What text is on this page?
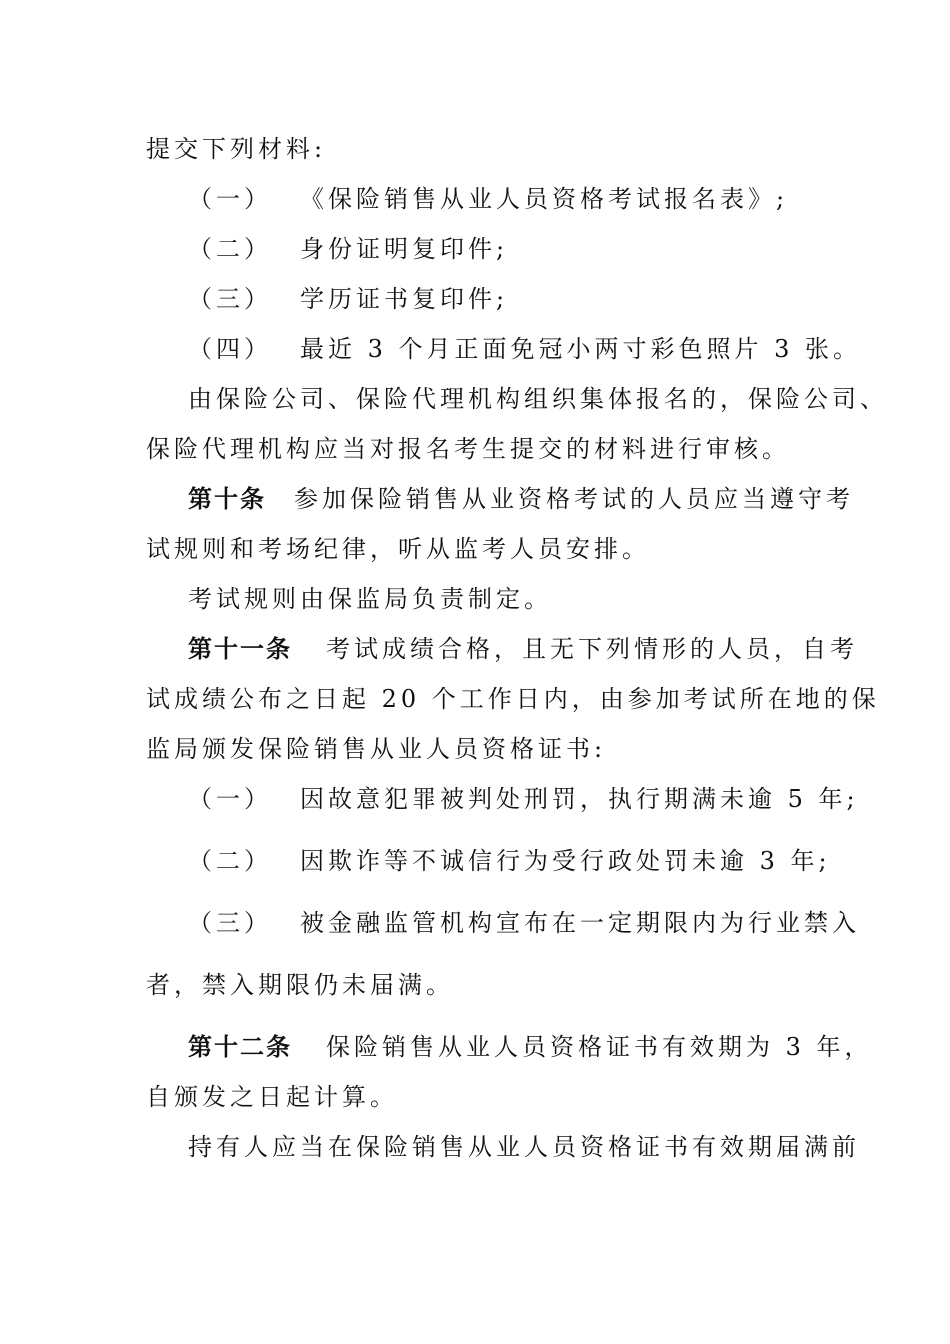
提交下列材料:
（一） 《保险销售从业人员资格考试报名表》;
（二） 身份证明复印件;
（三） 学历证书复印件;
（四） 最近 3 个月正面免冠小两寸彩色照片 3 张。
由保险公司、保险代理机构组织集体报名的，保险公司、
保险代理机构应当对报名考生提交的材料进行审核。
第十条 参加保险销售从业资格考试的人员应当遵守考
试规则和考场纪律，听从监考人员安排。
考试规则由保监局负责制定。
第十一条 考试成绩合格，且无下列情形的人员，自考
试成绩公布之日起 20 个工作日内，由参加考试所在地的保
监局颁发保险销售从业人员资格证书:
（一） 因故意犯罪被判处刑罚，执行期满未逾 5 年;
（二） 因欺诈等不诚信行为受行政处罚未逾 3 年;
（三） 被金融监管机构宣布在一定期限内为行业禁入
者，禁入期限仍未届满。
第十二条 保险销售从业人员资格证书有效期为 3 年，
自颁发之日起计算。
持有人应当在保险销售从业人员资格证书有效期届满前
